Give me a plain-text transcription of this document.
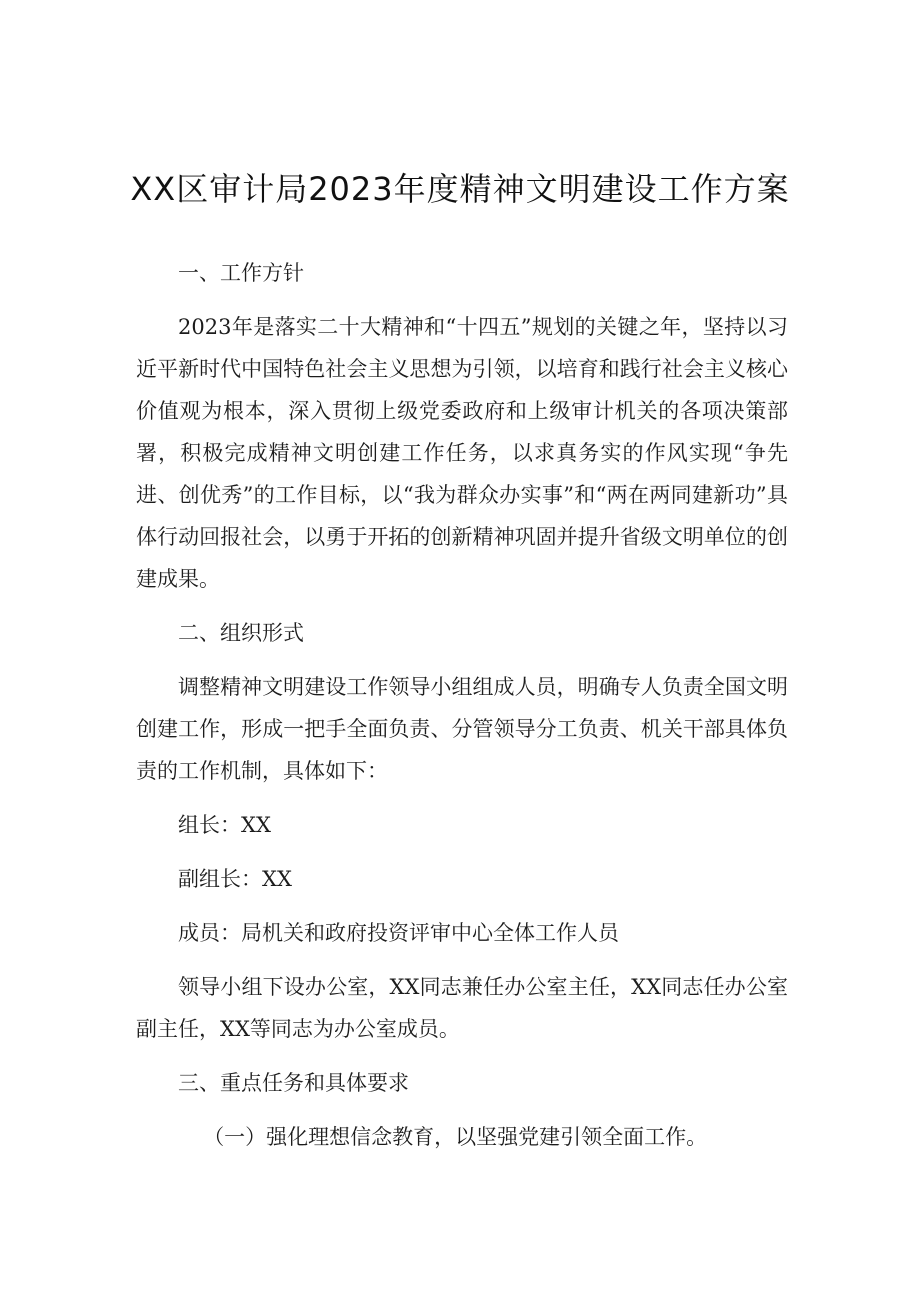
XX区审计局2023年度精神文明建设工作方案

一、工作方针

2023年是落实二十大精神和“十四五”规划的关键之年，坚持以习近平新时代中国特色社会主义思想为引领，以培育和践行社会主义核心价值观为根本，深入贯彻上级党委政府和上级审计机关的各项决策部署，积极完成精神文明创建工作任务，以求真务实的作风实现“争先进、创优秀”的工作目标，以“我为群众办实事”和“两在两同建新功”具体行动回报社会，以勇于开拓的创新精神巩固并提升省级文明单位的创建成果。

二、组织形式

调整精神文明建设工作领导小组组成人员，明确专人负责全国文明创建工作，形成一把手全面负责、分管领导分工负责、机关干部具体负责的工作机制，具体如下：

组长：XX

副组长：XX

成员：局机关和政府投资评审中心全体工作人员

领导小组下设办公室，XX同志兼任办公室主任，XX同志任办公室副主任，XX等同志为办公室成员。

三、重点任务和具体要求

（一）强化理想信念教育，以坚强党建引领全面工作。
